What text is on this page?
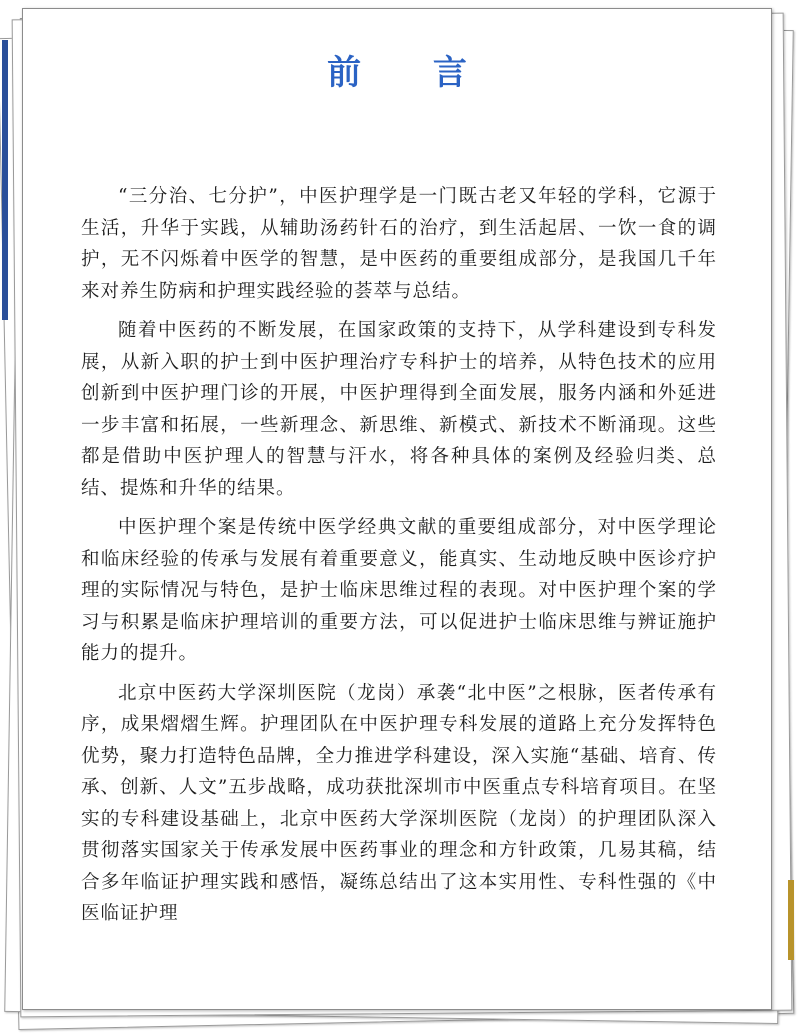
前 言

“三分治、七分护”，中医护理学是一门既古老又年轻的学科，它源于生活，升华于实践，从辅助汤药针石的治疗，到生活起居、一饮一食的调护，无不闪烁着中医学的智慧，是中医药的重要组成部分，是我国几千年来对养生防病和护理实践经验的荟萃与总结。

随着中医药的不断发展，在国家政策的支持下，从学科建设到专科发展，从新入职的护士到中医护理治疗专科护士的培养，从特色技术的应用创新到中医护理门诊的开展，中医护理得到全面发展，服务内涵和外延进一步丰富和拓展，一些新理念、新思维、新模式、新技术不断涌现。这些都是借助中医护理人的智慧与汗水，将各种具体的案例及经验归类、总结、提炼和升华的结果。

中医护理个案是传统中医学经典文献的重要组成部分，对中医学理论和临床经验的传承与发展有着重要意义，能真实、生动地反映中医诊疗护理的实际情况与特色，是护士临床思维过程的表现。对中医护理个案的学习与积累是临床护理培训的重要方法，可以促进护士临床思维与辨证施护能力的提升。

北京中医药大学深圳医院（龙岗）承袭“北中医”之根脉，医者传承有序，成果熠熠生辉。护理团队在中医护理专科发展的道路上充分发挥特色优势，聚力打造特色品牌，全力推进学科建设，深入实施“基础、培育、传承、创新、人文”五步战略，成功获批深圳市中医重点专科培育项目。在坚实的专科建设基础上，北京中医药大学深圳医院（龙岗）的护理团队深入贯彻落实国家关于传承发展中医药事业的理念和方针政策，几易其稿，结合多年临证护理实践和感悟，凝练总结出了这本实用性、专科性强的《中医临证护理
